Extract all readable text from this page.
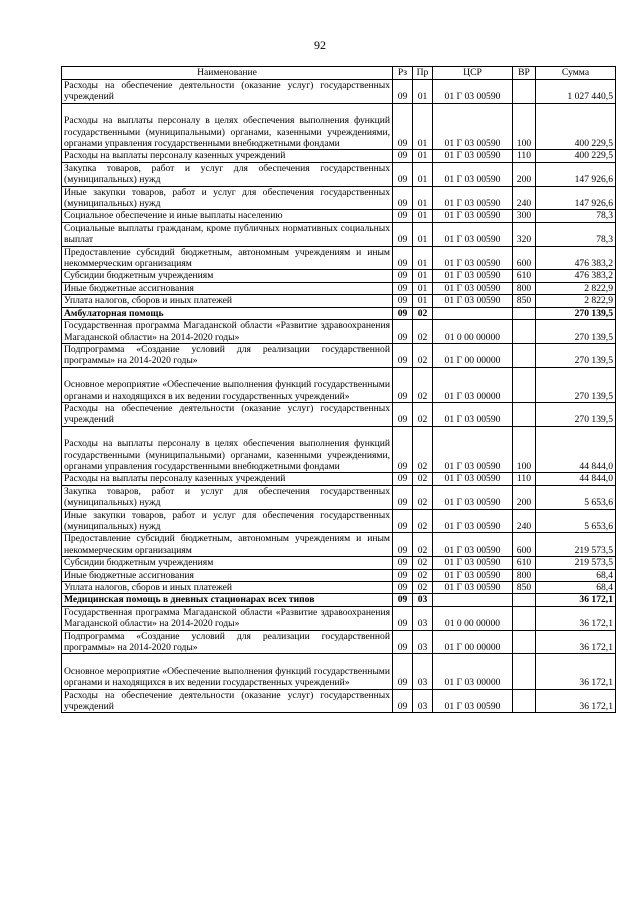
92
Наименование	Рз	Пр	ЦСР	ВР	Сумма
Расходы на обеспечение деятельности (оказание услуг) государственных учреждений	09	01	01 Г 03 00590		1 027 440,5
Расходы на выплаты персоналу в целях обеспечения выполнения функций государственными (муниципальными) органами, казенными учреждениями, органами управления государственными внебюджетными фондами	09	01	01 Г 03 00590	100	400 229,5
Расходы на выплаты персоналу казенных учреждений	09	01	01 Г 03 00590	110	400 229,5
Закупка товаров, работ и услуг для обеспечения государственных (муниципальных) нужд	09	01	01 Г 03 00590	200	147 926,6
Иные закупки товаров, работ и услуг для обеспечения государственных (муниципальных) нужд	09	01	01 Г 03 00590	240	147 926,6
Социальное обеспечение и иные выплаты населению	09	01	01 Г 03 00590	300	78,3
Социальные выплаты гражданам, кроме публичных нормативных социальных выплат	09	01	01 Г 03 00590	320	78,3
Предоставление субсидий бюджетным, автономным учреждениям и иным некоммерческим организациям	09	01	01 Г 03 00590	600	476 383,2
Субсидии бюджетным учреждениям	09	01	01 Г 03 00590	610	476 383,2
Иные бюджетные ассигнования	09	01	01 Г 03 00590	800	2 822,9
Уплата налогов, сборов и иных платежей	09	01	01 Г 03 00590	850	2 822,9
Амбулаторная помощь	09	02			270 139,5
Государственная программа Магаданской области «Развитие здравоохранения Магаданской области» на 2014-2020 годы»	09	02	01 0 00 00000		270 139,5
Подпрограмма «Создание условий для реализации государственной программы» на 2014-2020 годы»	09	02	01 Г 00 00000		270 139,5
Основное мероприятие «Обеспечение выполнения функций государственными органами и находящихся в их ведении государственных учреждений»	09	02	01 Г 03 00000		270 139,5
Расходы на обеспечение деятельности (оказание услуг) государственных учреждений	09	02	01 Г 03 00590		270 139,5
Расходы на выплаты персоналу в целях обеспечения выполнения функций государственными (муниципальными) органами, казенными учреждениями, органами управления государственными внебюджетными фондами	09	02	01 Г 03 00590	100	44 844,0
Расходы на выплаты персоналу казенных учреждений	09	02	01 Г 03 00590	110	44 844,0
Закупка товаров, работ и услуг для обеспечения государственных (муниципальных) нужд	09	02	01 Г 03 00590	200	5 653,6
Иные закупки товаров, работ и услуг для обеспечения государственных (муниципальных) нужд	09	02	01 Г 03 00590	240	5 653,6
Предоставление субсидий бюджетным, автономным учреждениям и иным некоммерческим организациям	09	02	01 Г 03 00590	600	219 573,5
Субсидии бюджетным учреждениям	09	02	01 Г 03 00590	610	219 573,5
Иные бюджетные ассигнования	09	02	01 Г 03 00590	800	68,4
Уплата налогов, сборов и иных платежей	09	02	01 Г 03 00590	850	68,4
Медицинская помощь в дневных стационарах всех типов	09	03			36 172,1
Государственная программа Магаданской области «Развитие здравоохранения Магаданской области» на 2014-2020 годы»	09	03	01 0 00 00000		36 172,1
Подпрограмма «Создание условий для реализации государственной программы» на 2014-2020 годы»	09	03	01 Г 00 00000		36 172,1
Основное мероприятие «Обеспечение выполнения функций государственными органами и находящихся в их ведении государственных учреждений»	09	03	01 Г 03 00000		36 172,1
Расходы на обеспечение деятельности (оказание услуг) государственных учреждений	09	03	01 Г 03 00590		36 172,1
